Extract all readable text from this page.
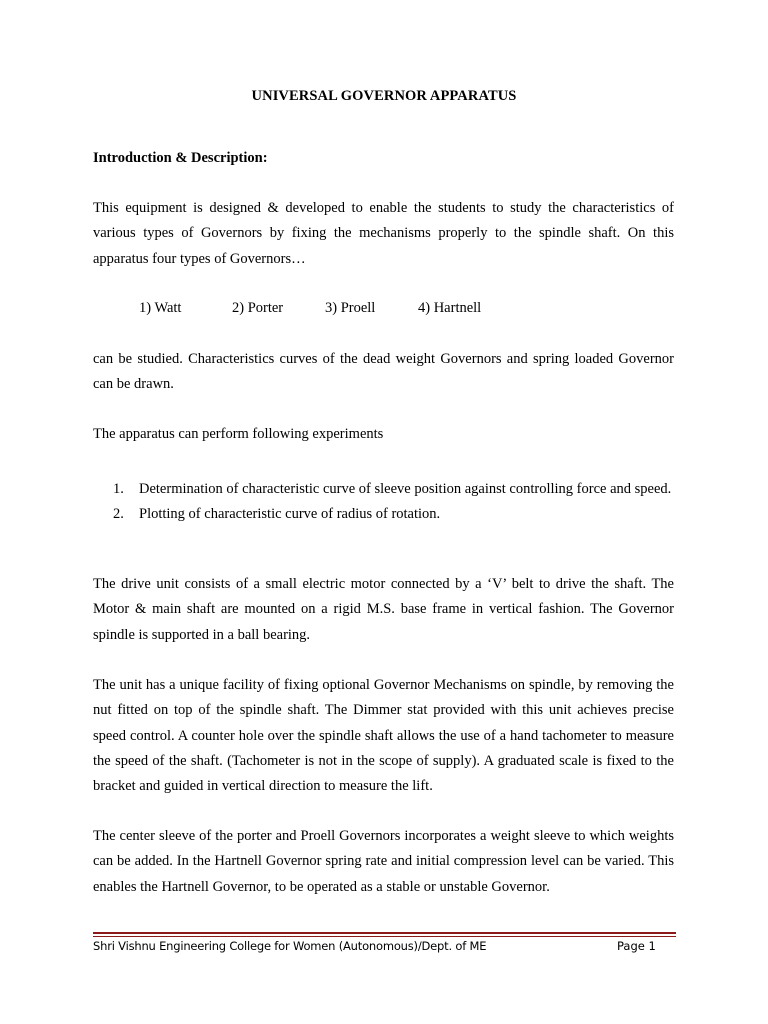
UNIVERSAL GOVERNOR APPARATUS
Introduction & Description:

This equipment is designed & developed to enable the students to study the characteristics of various types of Governors by fixing the mechanisms properly to the spindle shaft. On this apparatus four types of Governors…

1) Watt	2) Porter	3) Proell	4) Hartnell

can be studied. Characteristics curves of the dead weight Governors and spring loaded Governor can be drawn.

The apparatus can perform following experiments

1. Determination of characteristic curve of sleeve position against controlling force and speed.
2. Plotting of characteristic curve of radius of rotation.

The drive unit consists of a small electric motor connected by a ‘V’ belt to drive the shaft. The Motor & main shaft are mounted on a rigid M.S. base frame in vertical fashion. The Governor spindle is supported in a ball bearing.

The unit has a unique facility of fixing optional Governor Mechanisms on spindle, by removing the nut fitted on top of the spindle shaft. The Dimmer stat provided with this unit achieves precise speed control. A counter hole over the spindle shaft allows the use of a hand tachometer to measure the speed of the shaft. (Tachometer is not in the scope of supply). A graduated scale is fixed to the bracket and guided in vertical direction to measure the lift.

The center sleeve of the porter and Proell Governors incorporates a weight sleeve to which weights can be added. In the Hartnell Governor spring rate and initial compression level can be varied. This enables the Hartnell Governor, to be operated as a stable or unstable Governor.

Shri Vishnu Engineering College for Women (Autonomous)/Dept. of ME	Page 1
